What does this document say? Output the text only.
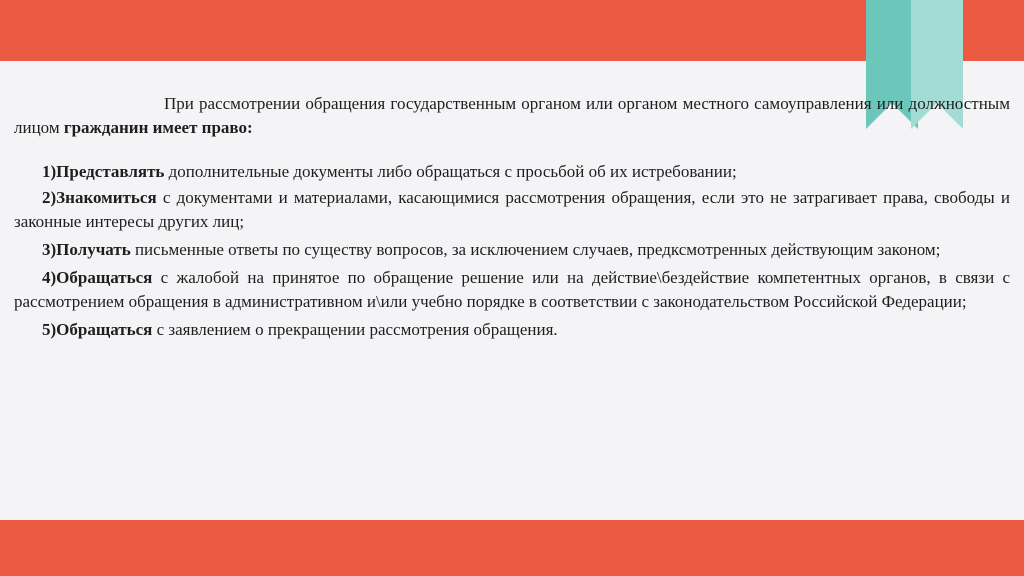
При рассмотрении обращения государственным органом или органом местного самоуправления или должностным лицом гражданин имеет право:

1)Представлять дополнительные документы либо обращаться с просьбой об их истребовании;

2)Знакомиться с документами и материалами, касающимися рассмотрения обращения, если это не затрагивает права, свободы и законные интересы других лиц;

3)Получать письменные ответы по существу вопросов, за исключением случаев, предксмотренных действующим законом;

4)Обращаться с жалобой на принятое по обращение решение или на действие\бездействие компетентных органов, в связи с рассмотрением обращения в административном и\или учебно порядке в соответствии с законодательством Российской Федерации;

5)Обращаться с заявлением о прекращении рассмотрения обращения.
